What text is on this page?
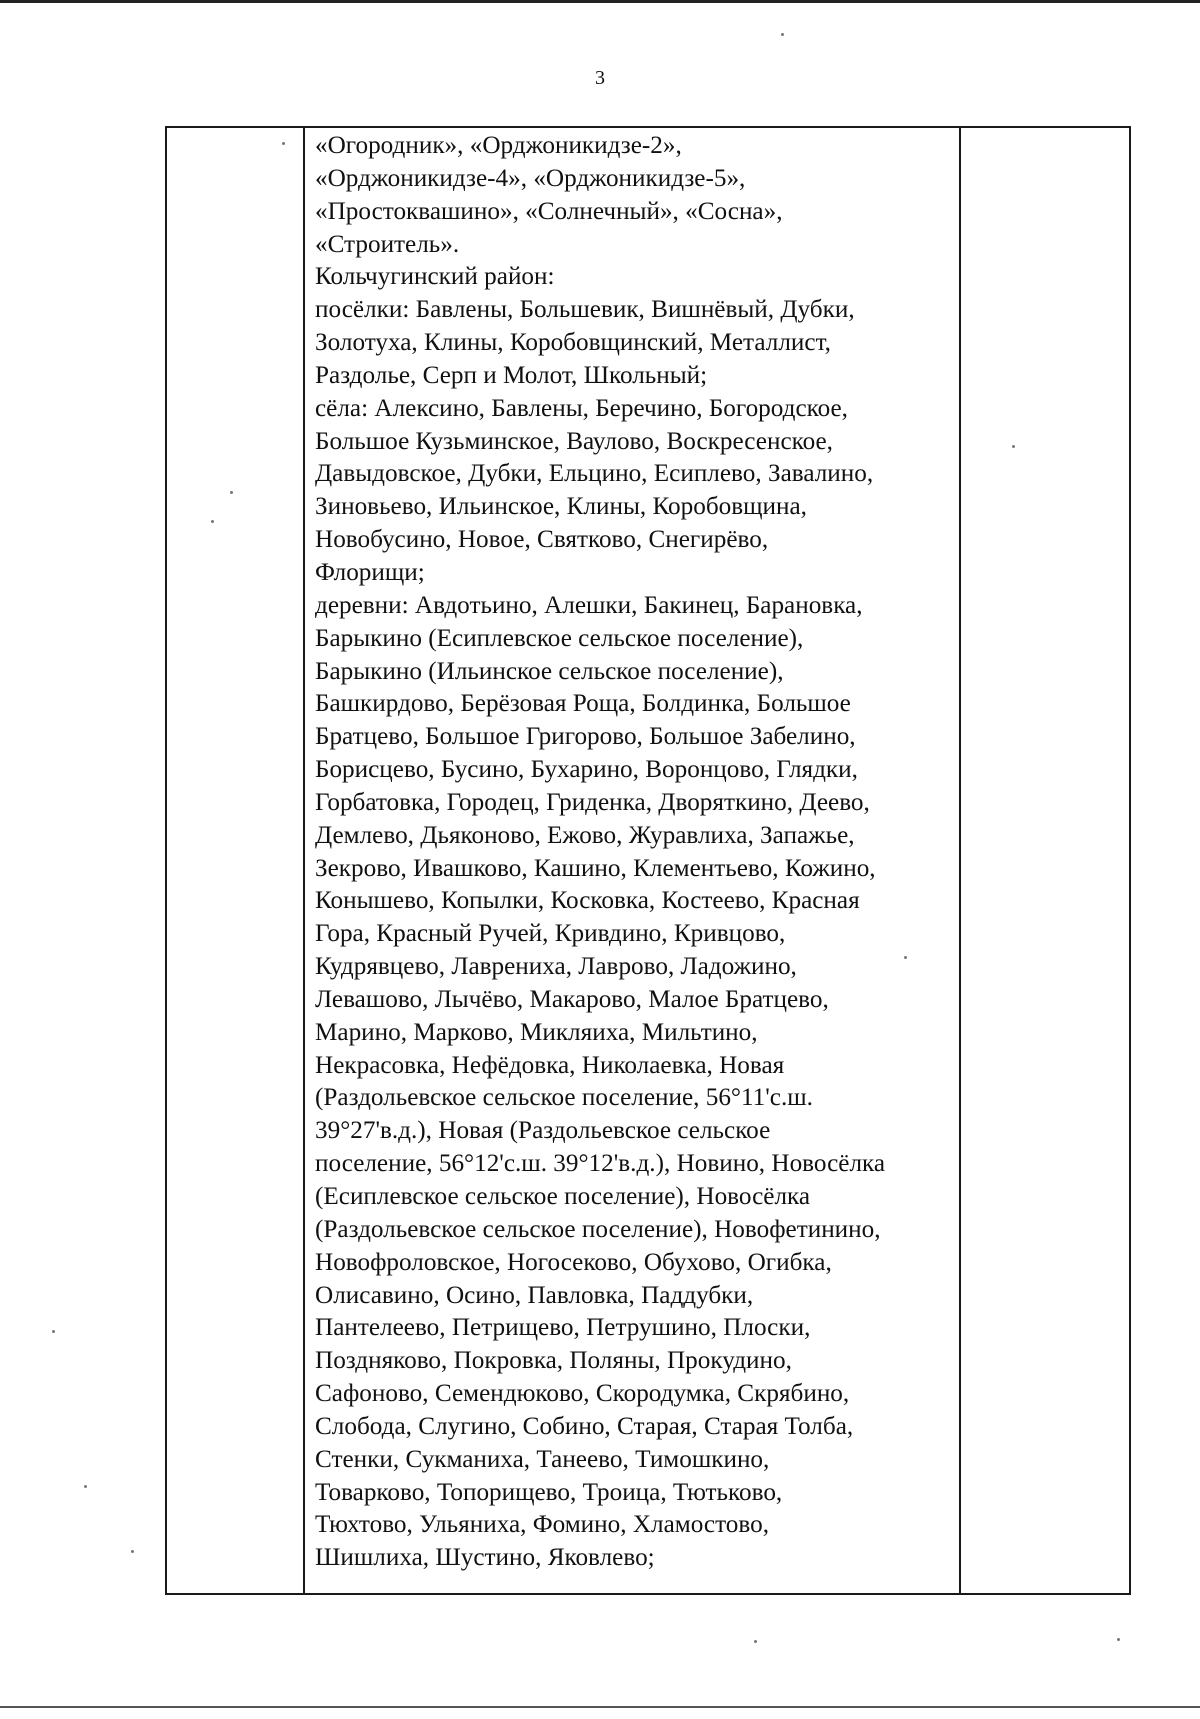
3
«Огородник», «Орджоникидзе-2»,
«Орджоникидзе-4», «Орджоникидзе-5»,
«Простоквашино», «Солнечный», «Сосна»,
«Строитель».
Кольчугинский район:
посёлки: Бавлены, Большевик, Вишнёвый, Дубки,
Золотуха, Клины, Коробовщинский, Металлист,
Раздолье, Серп и Молот, Школьный;
сёла: Алексино, Бавлены, Беречино, Богородское,
Большое Кузьминское, Ваулово, Воскресенское,
Давыдовское, Дубки, Ельцино, Есиплево, Завалино,
Зиновьево, Ильинское, Клины, Коробовщина,
Новобусино, Новое, Святково, Снегирёво,
Флорищи;
деревни: Авдотьино, Алешки, Бакинец, Барановка,
Барыкино (Есиплевское сельское поселение),
Барыкино (Ильинское сельское поселение),
Башкирдово, Берёзовая Роща, Болдинка, Большое
Братцево, Большое Григорово, Большое Забелино,
Борисцево, Бусино, Бухарино, Воронцово, Глядки,
Горбатовка, Городец, Гриденка, Дворяткино, Деево,
Демлево, Дьяконово, Ежово, Журавлиха, Запажье,
Зекрово, Ивашково, Кашино, Клементьево, Кожино,
Конышево, Копылки, Косковка, Костеево, Красная
Гора, Красный Ручей, Кривдино, Кривцово,
Кудрявцево, Лаврениха, Лаврово, Ладожино,
Левашово, Лычёво, Макарово, Малое Братцево,
Марино, Марково, Микляиха, Мильтино,
Некрасовка, Нефёдовка, Николаевка, Новая
(Раздольевское сельское поселение, 56°11'с.ш.
39°27'в.д.), Новая (Раздольевское сельское
поселение, 56°12'с.ш. 39°12'в.д.), Новино, Новосёлка
(Есиплевское сельское поселение), Новосёлка
(Раздольевское сельское поселение), Новофетинино,
Новофроловское, Ногосеково, Обухово, Огибка,
Олисавино, Осино, Павловка, Паддубки,
Пантелеево, Петрищево, Петрушино, Плоски,
Поздняково, Покровка, Поляны, Прокудино,
Сафоново, Семендюково, Скородумка, Скрябино,
Слобода, Слугино, Собино, Старая, Старая Толба,
Стенки, Сукманиха, Танеево, Тимошкино,
Товарково, Топорищево, Троица, Тютьково,
Тюхтово, Ульяниха, Фомино, Хламостово,
Шишлиха, Шустино, Яковлево;
